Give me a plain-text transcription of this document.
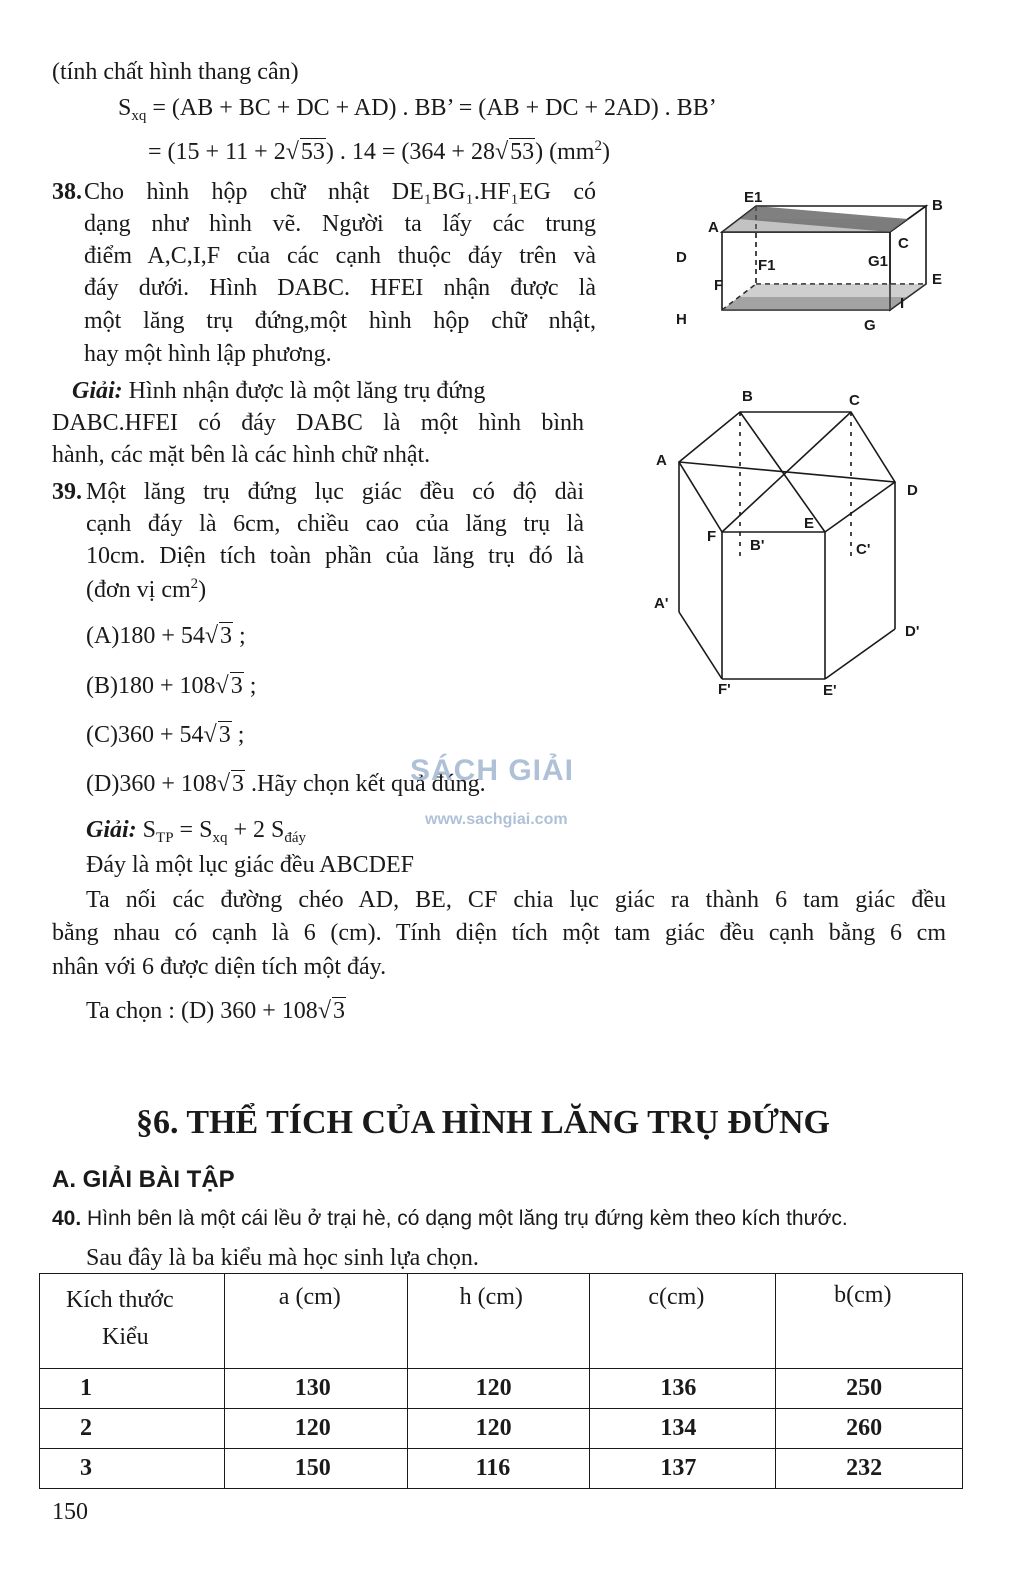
(tính chất hình thang cân)
$S_{xq} = (AB$ + BC + DC + AD) . BB’ = (AB + DC + 2AD) . BB’
= (15 + 11 + 2√53) . 14 = (364 + 28√53) $(mm^2)$
38. Cho hình hộp chữ nhật DE₁BG₁.HF₁EG có
dạng như hình vẽ. Người ta lấy các trung
điểm A,C,I,F của các cạnh thuộc đáy trên và
đáy dưới. Hình DABC. HFEI nhận được là
một lăng trụ đứng,một hình hộp chữ nhật,
hay một hình lập phương.
Giải: Hình nhận được là một lăng trụ đứng
DABC.HFEI có đáy DABC là một hình bình
hành, các mặt bên là các hình chữ nhật.
E1	B
A
C
D	F1	G1
F	E
H
I
G
39. Một lăng trụ đứng lục giác đều có độ dài
cạnh đáy là 6cm, chiều cao của lăng trụ là
10cm. Diện tích toàn phần của lăng trụ đó là
(đơn vị $cm^2$)
(A)180 + 54√3 ;
(B)180 + 108√3 ;
(C)360 + 54√3 ;
(D)360 + 108√3 .Hãy chọn kết quả đúng.
Giải: $S_{TP} = S_{xq} + 2$ $S_{đáy}$
Đáy là một lục giác đều ABCDEF
Ta nối các đường chéo AD, BE, CF chia lục giác ra thành 6 tam giác đều
bằng nhau có cạnh là 6 (cm). Tính diện tích một tam giác đều cạnh bằng 6 cm
nhân với 6 được diện tích một đáy.
Ta chọn : (D) 360 + 108√3
B	C
A
D
F
E
B'	C'
A'
D'
F'	E'
SÁCH GIẢI
www.sachgiai.com
§6. THỂ TÍCH CỦA HÌNH LĂNG TRỤ ĐỨNG
A. GIẢI BÀI TẬP
40. Hình bên là một cái lều ở trại hè, có dạng một lăng trụ đứng kèm theo kích thước.
Sau đây là ba kiểu mà học sinh lựa chọn.
Kích thước
Kiểu	a (cm)	h (cm)	c(cm)	b(cm)
1	130	120	136	250
2	120	120	134	260
3	150	116	137	232
150
